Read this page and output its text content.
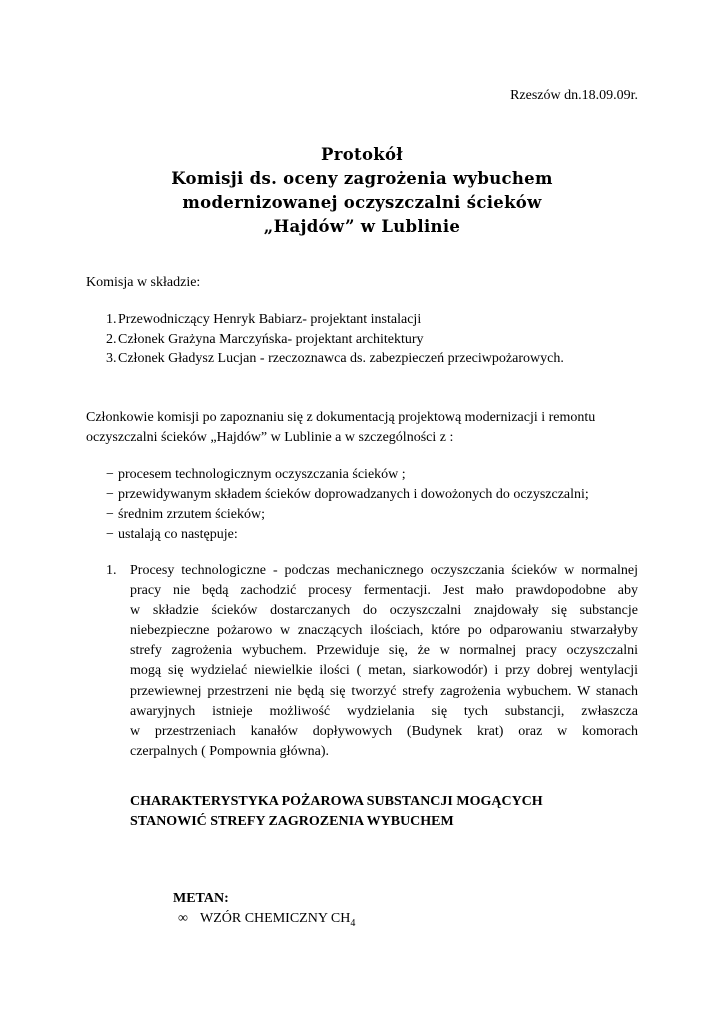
Rzeszów dn.18.09.09r.
Protokół
Komisji ds. oceny zagrożenia wybuchem
modernizowanej oczyszczalni ścieków
„Hajdów” w Lublinie
Komisja w składzie:
1. Przewodniczący Henryk Babiarz- projektant instalacji
2. Członek Grażyna Marczyńska- projektant architektury
3. Członek Gładysz Lucjan - rzeczoznawca ds. zabezpieczeń przeciwpożarowych.
Członkowie komisji po zapoznaniu się z dokumentacją projektową modernizacji i remontu
oczyszczalni ścieków „Hajdów” w Lublinie a w szczególności z :
− procesem technologicznym oczyszczania ścieków ;
− przewidywanym składem ścieków doprowadzanych i dowożonych do oczyszczalni;
− średnim zrzutem ścieków;
− ustalają co następuje:
1. Procesy technologiczne - podczas mechanicznego oczyszczania ścieków w normalnej
pracy nie będą zachodzić procesy fermentacji. Jest mało prawdopodobne aby
w składzie ścieków dostarczanych do oczyszczalni znajdowały się substancje
niebezpieczne pożarowo w znaczących ilościach, które po odparowaniu stwarzałyby
strefy zagrożenia wybuchem. Przewiduje się, że w normalnej pracy oczyszczalni
mogą się wydzielać niewielkie ilości ( metan, siarkowodór) i przy dobrej wentylacji
przewiewnej przestrzeni nie będą się tworzyć strefy zagrożenia wybuchem. W stanach
awaryjnych istnieje możliwość wydzielania się tych substancji, zwłaszcza
w przestrzeniach kanałów dopływowych (Budynek krat) oraz w komorach
czerpalnych ( Pompownia główna).
CHARAKTERYSTYKA POŻAROWA SUBSTANCJI MOGĄCYCH
STANOWIĆ STREFY ZAGROZENIA WYBUCHEM
METAN:
∞ WZÓR CHEMICZNY $CH_4$
